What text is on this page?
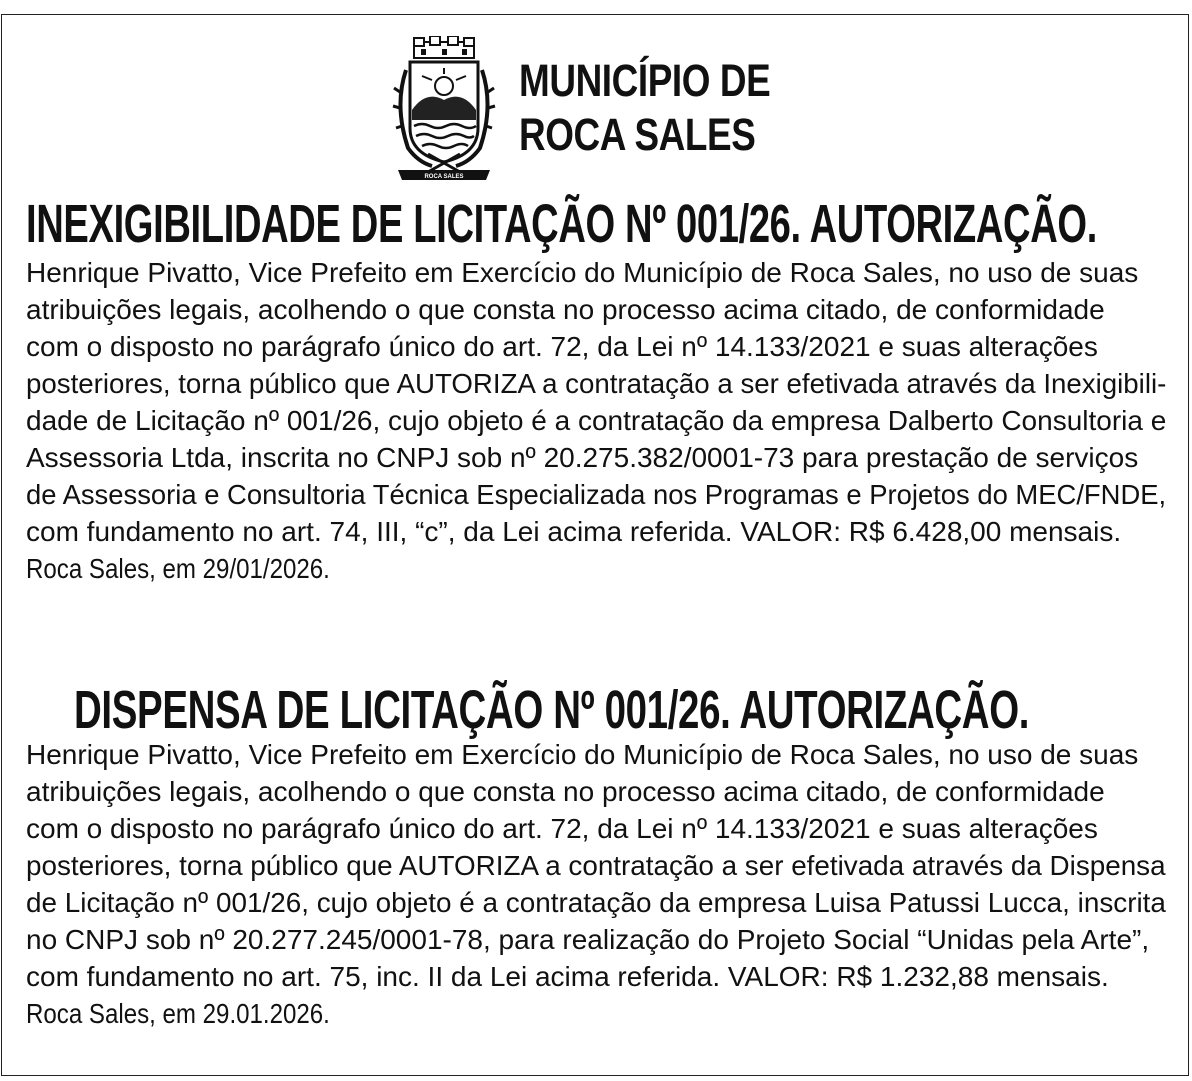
ROCA SALES
MUNICÍPIO DE
ROCA SALES
INEXIGIBILIDADE DE LICITAÇÃO Nº 001/26. AUTORIZAÇÃO.
Henrique Pivatto, Vice Prefeito em Exercício do Município de Roca Sales, no uso de suas
atribuições legais, acolhendo o que consta no processo acima citado, de conformidade
com o disposto no parágrafo único do art. 72, da Lei nº 14.133/2021 e suas alterações
posteriores, torna público que AUTORIZA a contratação a ser efetivada através da Inexigibili-
dade de Licitação nº 001/26, cujo objeto é a contratação da empresa Dalberto Consultoria e
Assessoria Ltda, inscrita no CNPJ sob nº 20.275.382/0001-73 para prestação de serviços
de Assessoria e Consultoria Técnica Especializada nos Programas e Projetos do MEC/FNDE,
com fundamento no art. 74, III, “c”, da Lei acima referida. VALOR: R$ 6.428,00 mensais.
Roca Sales, em 29/01/2026.
DISPENSA DE LICITAÇÃO Nº 001/26. AUTORIZAÇÃO.
Henrique Pivatto, Vice Prefeito em Exercício do Município de Roca Sales, no uso de suas
atribuições legais, acolhendo o que consta no processo acima citado, de conformidade
com o disposto no parágrafo único do art. 72, da Lei nº 14.133/2021 e suas alterações
posteriores, torna público que AUTORIZA a contratação a ser efetivada através da Dispensa
de Licitação nº 001/26, cujo objeto é a contratação da empresa Luisa Patussi Lucca, inscrita
no CNPJ sob nº 20.277.245/0001-78, para realização do Projeto Social “Unidas pela Arte”,
com fundamento no art. 75, inc. II da Lei acima referida. VALOR: R$ 1.232,88 mensais.
Roca Sales, em 29.01.2026.
